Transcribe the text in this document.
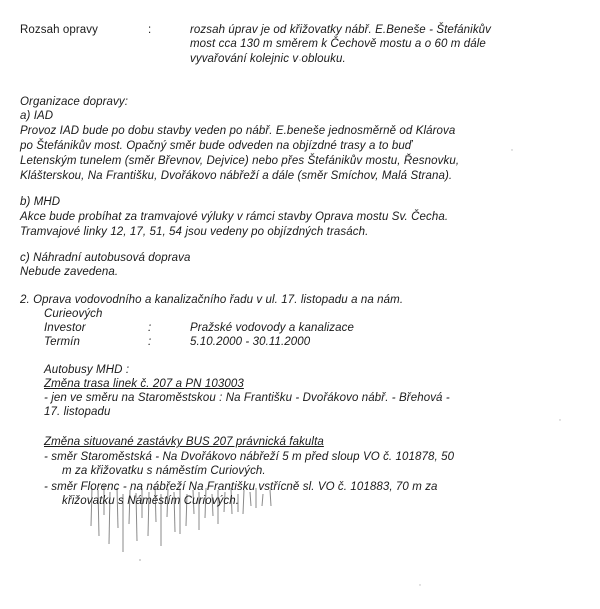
Rozsah opravy	:	rozsah úprav je od křižovatky nábř. E.Beneše - Štefánikův
most cca 130 m směrem k Čechově mostu a o 60 m dále
vyvařování kolejnic v oblouku.
Organizace dopravy:
a) IAD
Provoz IAD bude po dobu stavby veden po nábř. E.beneše jednosměrně od Klárova
po Štefánikův most. Opačný směr bude odveden na objízdné trasy a to buď
Letenským tunelem (směr Břevnov, Dejvice) nebo přes Štefánikův mostu, Řesnovku,
Klášterskou, Na Františku, Dvořákovo nábřeží a dále (směr Smíchov, Malá Strana).
b) MHD
Akce bude probíhat za tramvajové výluky v rámci stavby Oprava mostu Sv. Čecha.
Tramvajové linky 12, 17, 51, 54 jsou vedeny po objízdných trasách.
c) Náhradní autobusová doprava
Nebude zavedena.
2. Oprava vodovodního a kanalizačního řadu v ul. 17. listopadu a na nám.
Curieových
Investor	:	Pražské vodovody a kanalizace
Termín	:	5.10.2000 - 30.11.2000
Autobusy MHD :
Změna trasa linek č. 207 a PN 103003
- jen ve směru na Staroměstskou : Na Františku - Dvořákovo nábř. - Břehová -
17. listopadu
Změna situované zastávky BUS 207 právnická fakulta
- směr Staroměstská - Na Dvořákovo nábřeží 5 m před sloup VO č. 101878, 50
m za křižovatku s náměstím Curiových.
- směr Florenc - na nábřeží Na Františku vstřícně sl. VO č. 101883, 70 m za
křižovatku s Náměstím Curiových.
